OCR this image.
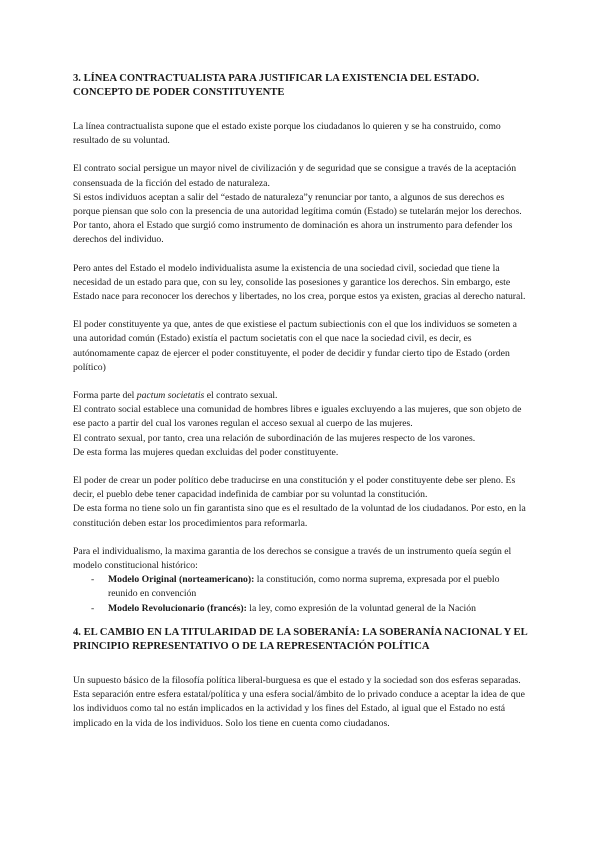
3. LÍNEA CONTRACTUALISTA PARA JUSTIFICAR LA EXISTENCIA DEL ESTADO. CONCEPTO DE PODER CONSTITUYENTE

La línea contractualista supone que el estado existe porque los ciudadanos lo quieren y se ha construido, como resultado de su voluntad.

El contrato social persigue un mayor nivel de civilización y de seguridad que se consigue a través de la aceptación consensuada de la ficción del estado de naturaleza.

Si estos individuos aceptan a salir del “estado de naturaleza”y renunciar por tanto, a algunos de sus derechos es porque piensan que solo con la presencia de una autoridad legítima común (Estado) se tutelarán mejor los derechos.

Por tanto, ahora el Estado que surgió como instrumento de dominación es ahora un instrumento para defender los derechos del individuo.

Pero antes del Estado el modelo individualista asume la existencia de una sociedad civil, sociedad que tiene la necesidad de un estado para que, con su ley, consolide las posesiones y garantice los derechos. Sin embargo, este Estado nace para reconocer los derechos y libertades, no los crea, porque estos ya existen, gracias al derecho natural.

El poder constituyente ya que, antes de que existiese el pactum subiectionis con el que los individuos se someten a una autoridad común (Estado) existía el pactum societatis con el que nace la sociedad civil, es decir, es autónomamente capaz de ejercer el poder constituyente, el poder de decidir y fundar cierto tipo de Estado (orden político)

Forma parte del pactum societatis el contrato sexual.

El contrato social establece una comunidad de hombres libres e iguales excluyendo a las mujeres, que son objeto de ese pacto a partir del cual los varones regulan el acceso sexual al cuerpo de las mujeres.

El contrato sexual, por tanto, crea una relación de subordinación de las mujeres respecto de los varones.

De esta forma las mujeres quedan excluidas del poder constituyente.

El poder de crear un poder político debe traducirse en una constitución y el poder constituyente debe ser pleno. Es decir, el pueblo debe tener capacidad indefinida de cambiar por su voluntad la constitución.

De esta forma no tiene solo un fin garantista sino que es el resultado de la voluntad de los ciudadanos. Por esto, en la constitución deben estar los procedimientos para reformarla.

Para el individualismo, la maxima garantia de los derechos se consigue a través de un instrumento queía según el modelo constitucional histórico:

- Modelo Original (norteamericano): la constitución, como norma suprema, expresada por el pueblo reunido en convención
- Modelo Revolucionario (francés): la ley, como expresión de la voluntad general de la Nación
4. EL CAMBIO EN LA TITULARIDAD DE LA SOBERANÍA: LA SOBERANÍA NACIONAL Y EL PRINCIPIO REPRESENTATIVO O DE LA REPRESENTACIÓN POLÍTICA

Un supuesto básico de la filosofía política liberal-burguesa es que el estado y la sociedad son dos esferas separadas.

Esta separación entre esfera estatal/política y una esfera social/ámbito de lo privado conduce a aceptar la idea de que los individuos como tal no están implicados en la actividad y los fines del Estado, al igual que el Estado no está implicado en la vida de los individuos. Solo los tiene en cuenta como ciudadanos.
